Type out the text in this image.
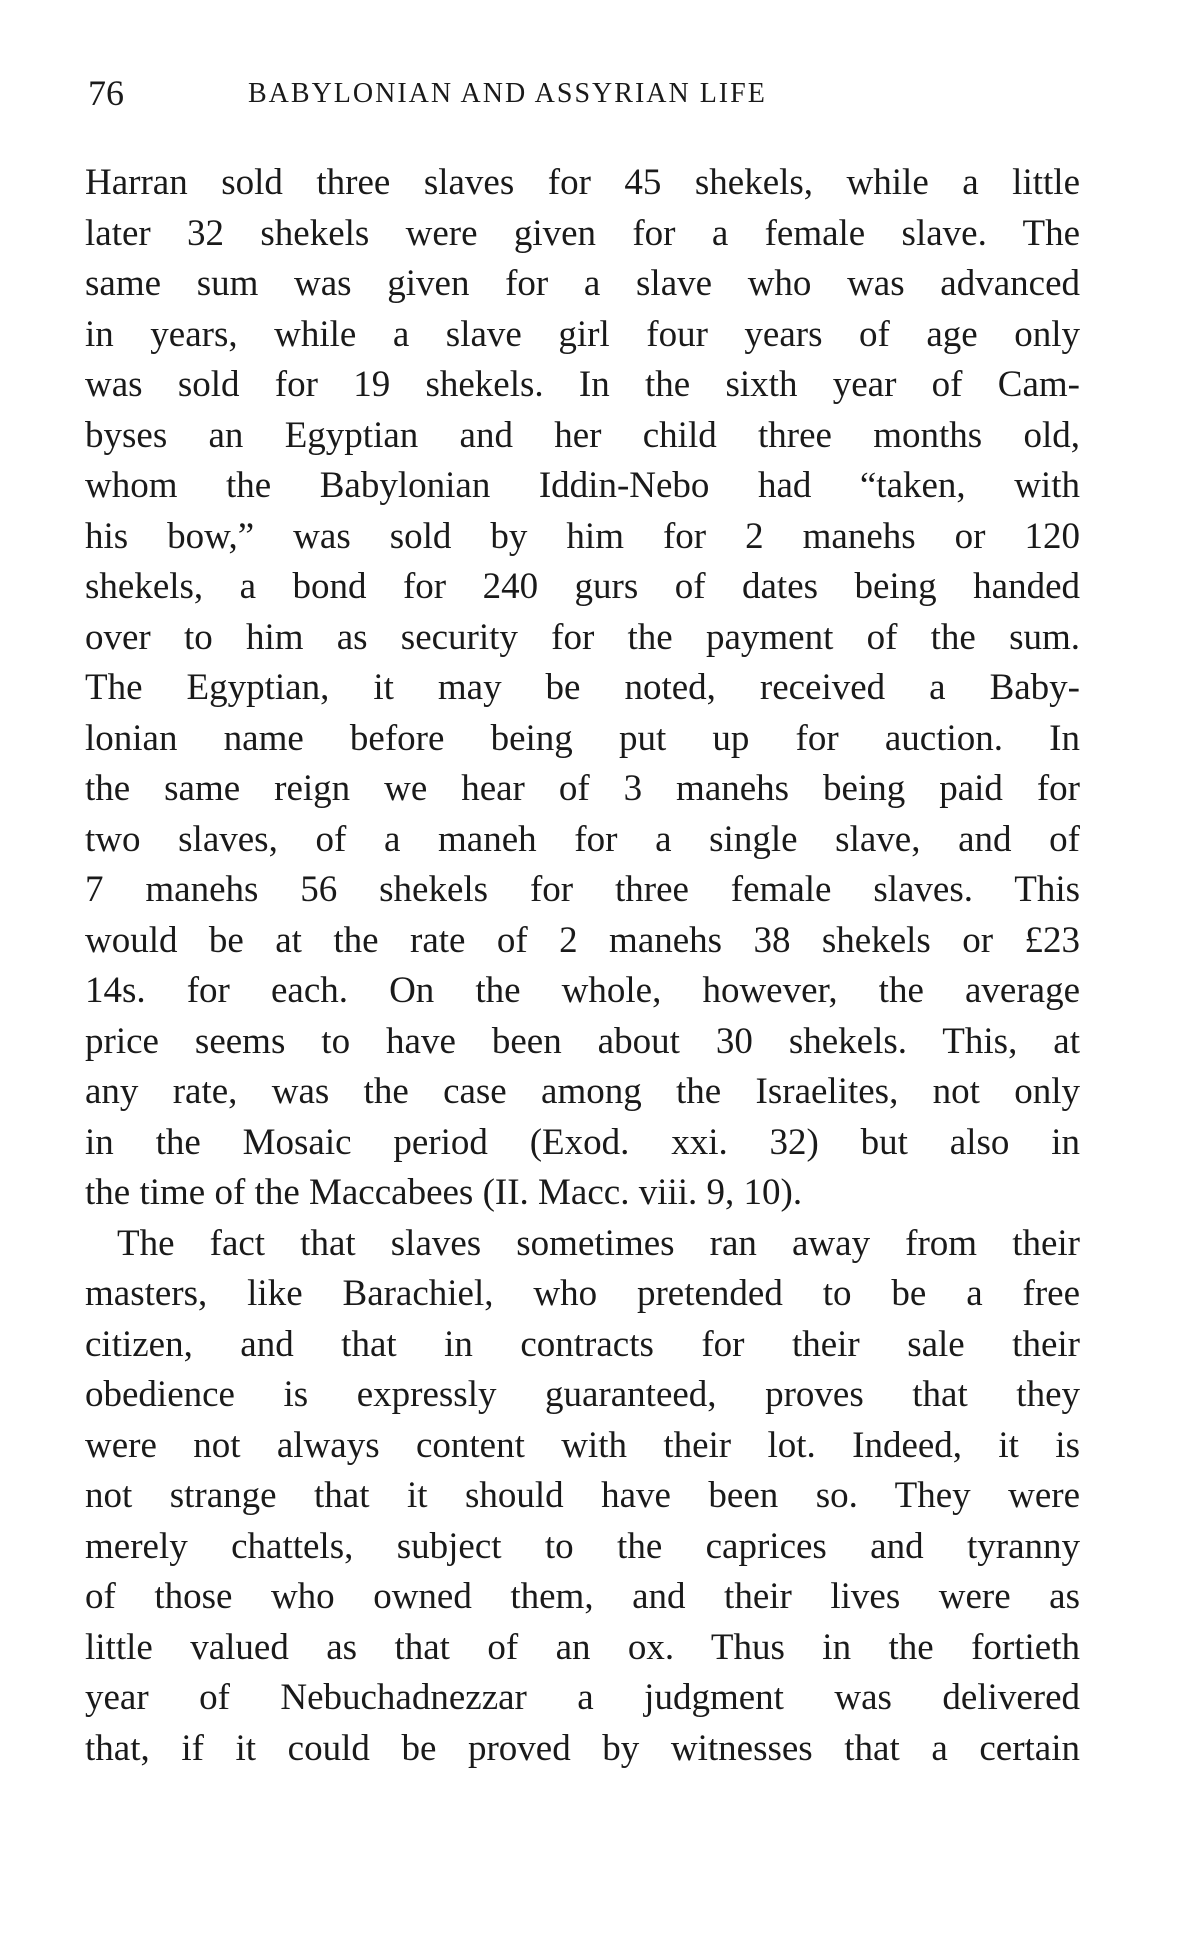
76	BABYLONIAN AND ASSYRIAN LIFE
Harran sold three slaves for 45 shekels, while a little
later 32 shekels were given for a female slave. The
same sum was given for a slave who was advanced
in years, while a slave girl four years of age only
was sold for 19 shekels. In the sixth year of Cam-
byses an Egyptian and her child three months old,
whom the Babylonian Iddin-Nebo had “taken, with
his bow,” was sold by him for 2 manehs or 120
shekels, a bond for 240 gurs of dates being handed
over to him as security for the payment of the sum.
The Egyptian, it may be noted, received a Baby-
lonian name before being put up for auction. In
the same reign we hear of 3 manehs being paid for
two slaves, of a maneh for a single slave, and of
7 manehs 56 shekels for three female slaves. This
would be at the rate of 2 manehs 38 shekels or £23
14s. for each. On the whole, however, the average
price seems to have been about 30 shekels. This, at
any rate, was the case among the Israelites, not only
in the Mosaic period (Exod. xxi. 32) but also in
the time of the Maccabees (II. Macc. viii. 9, 10).
The fact that slaves sometimes ran away from their
masters, like Barachiel, who pretended to be a free
citizen, and that in contracts for their sale their
obedience is expressly guaranteed, proves that they
were not always content with their lot. Indeed, it is
not strange that it should have been so. They were
merely chattels, subject to the caprices and tyranny
of those who owned them, and their lives were as
little valued as that of an ox. Thus in the fortieth
year of Nebuchadnezzar a judgment was delivered
that, if it could be proved by witnesses that a certain
